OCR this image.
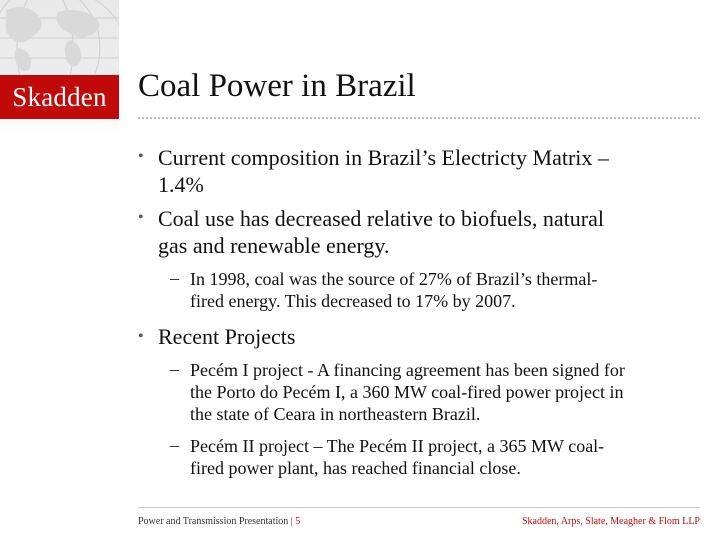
Skadden Coal Power in Brazil
• Current composition in Brazil’s Electricty Matrix –
1.4%
• Coal use has decreased relative to biofuels, natural
gas and renewable energy.
– In 1998, coal was the source of 27% of Brazil’s thermal-
fired energy. This decreased to 17% by 2007.
• Recent Projects
– Pecém I project - A financing agreement has been signed for
the Porto do Pecém I, a 360 MW coal-fired power project in
the state of Ceara in northeastern Brazil.
– Pecém II project – The Pecém II project, a 365 MW coal-
fired power plant, has reached financial close.
Power and Transmission Presentation | 5	Skadden, Arps, Slate, Meagher & Flom LLP
